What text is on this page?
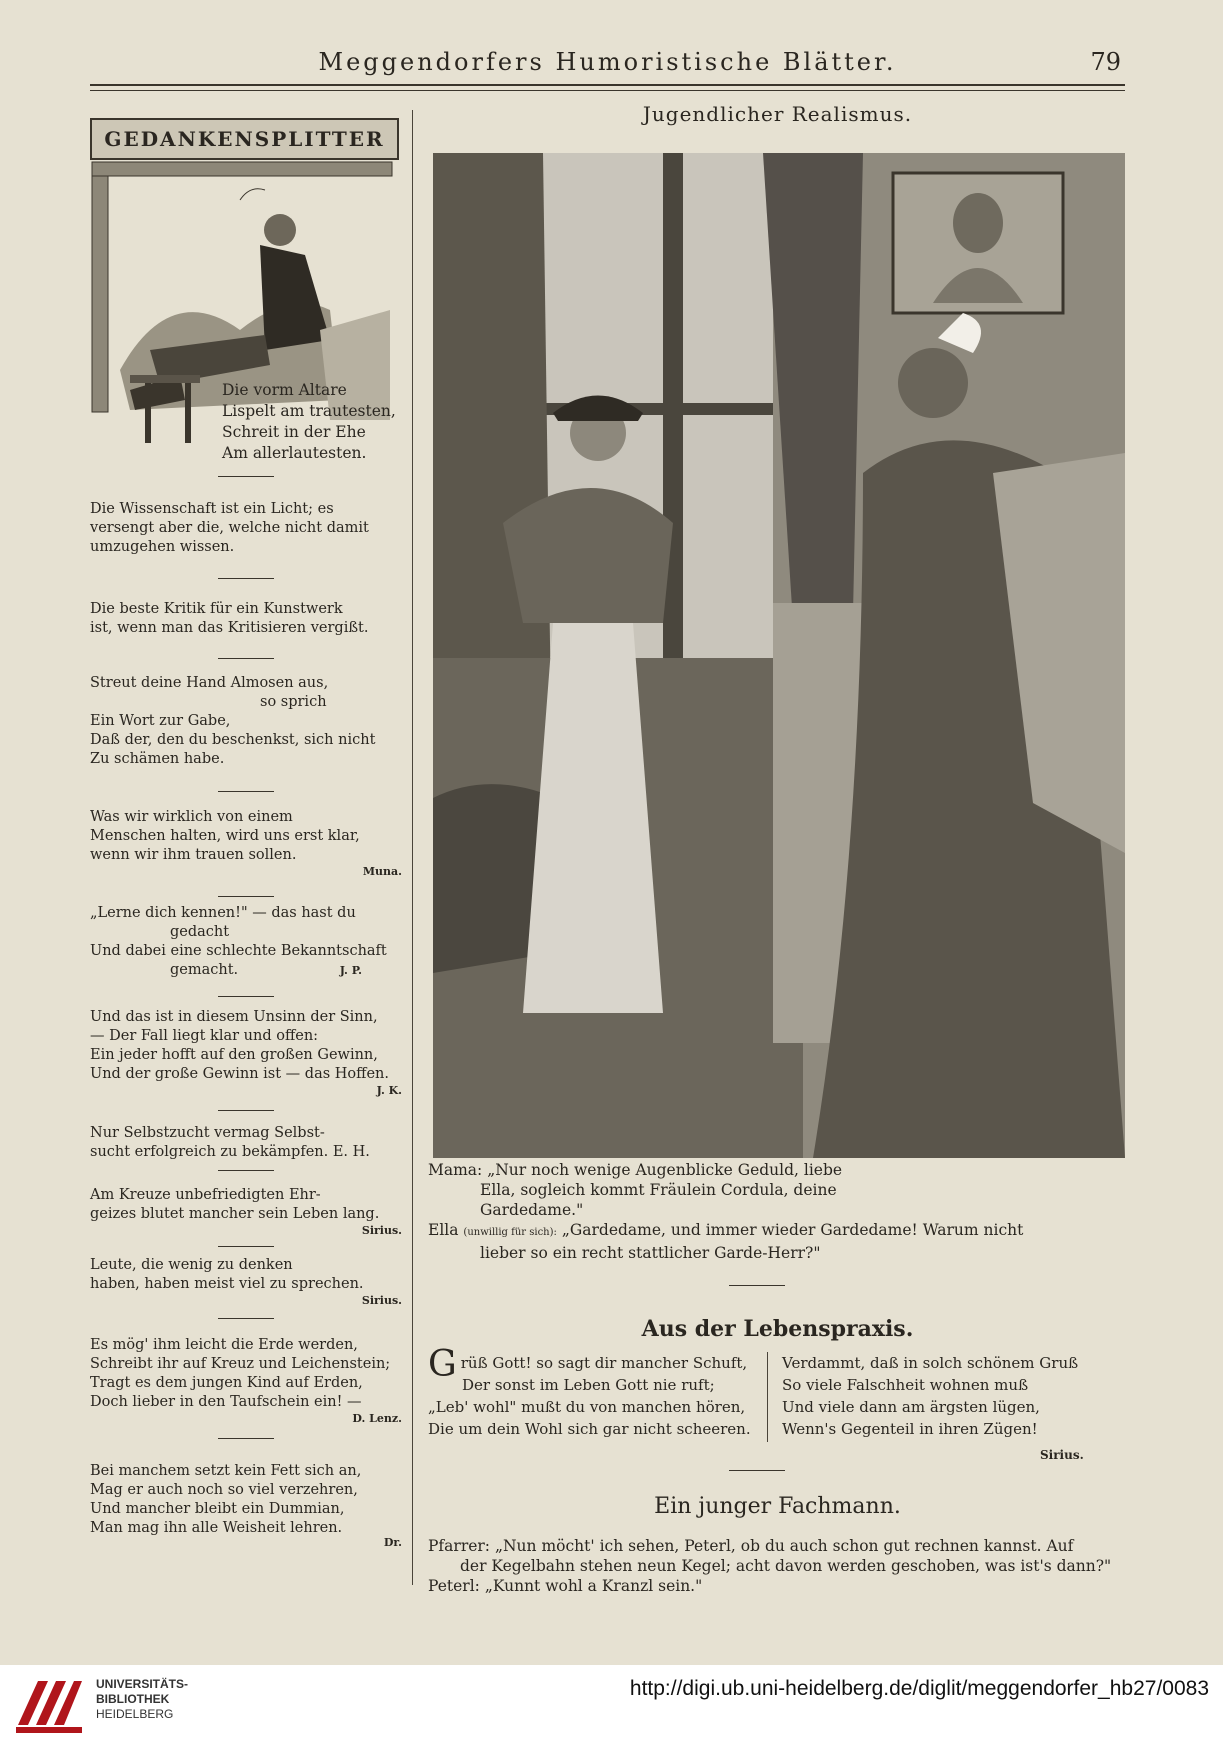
Meggendorfers Humoristische Blätter.	79
GEDANKENSPLITTER
Die vorm Altare
Lispelt am trautesten,
Schreit in der Ehe
Am allerlautesten.
Die Wissenschaft ist ein Licht; es
versengt aber die, welche nicht damit
umzugehen wissen.
Die beste Kritik für ein Kunstwerk
ist, wenn man das Kritisieren vergißt.
Streut deine Hand Almosen aus,
so sprich
Ein Wort zur Gabe,
Daß der, den du beschenkst, sich nicht
Zu schämen habe.
Was wir wirklich von einem
Menschen halten, wird uns erst klar,
wenn wir ihm trauen sollen.
Muna.
„Lerne dich kennen!" — das hast du
gedacht
Und dabei eine schlechte Bekanntschaft
gemacht.	J. P.
Und das ist in diesem Unsinn der Sinn,
— Der Fall liegt klar und offen:
Ein jeder hofft auf den großen Gewinn,
Und der große Gewinn ist — das Hoffen.
J. K.
Nur Selbstzucht vermag Selbst-
sucht erfolgreich zu bekämpfen. E. H.
Am Kreuze unbefriedigten Ehr-
geizes blutet mancher sein Leben lang.
Sirius.
Leute, die wenig zu denken
haben, haben meist viel zu sprechen.
Sirius.
Es mög' ihm leicht die Erde werden,
Schreibt ihr auf Kreuz und Leichenstein;
Tragt es dem jungen Kind auf Erden,
Doch lieber in den Taufschein ein! —
D. Lenz.
Bei manchem setzt kein Fett sich an,
Mag er auch noch so viel verzehren,
Und mancher bleibt ein Dummian,
Man mag ihn alle Weisheit lehren.
Dr.
Jugendlicher Realismus.
Mama: „Nur noch wenige Augenblicke Geduld, liebe
Ella, sogleich kommt Fräulein Cordula, deine
Gardedame."
Ella (unwillig für sich): „Gardedame, und immer wieder Gardedame! Warum nicht
lieber so ein recht stattlicher Garde-Herr?"
Aus der Lebenspraxis.
G rüß Gott! so sagt dir mancher Schuft,
Der sonst im Leben Gott nie ruft;
„Leb' wohl" mußt du von manchen hören,
Die um dein Wohl sich gar nicht scheeren.
Verdammt, daß in solch schönem Gruß
So viele Falschheit wohnen muß
Und viele dann am ärgsten lügen,
Wenn's Gegenteil in ihren Zügen!
Sirius.
Ein junger Fachmann.
Pfarrer: „Nun möcht' ich sehen, Peterl, ob du auch schon gut rechnen kannst. Auf
der Kegelbahn stehen neun Kegel; acht davon werden geschoben, was ist's dann?"
Peterl: „Kunnt wohl a Kranzl sein."
UNIVERSITÄTS-
BIBLIOTHEK
HEIDELBERG
http://digi.ub.uni-heidelberg.de/diglit/meggendorfer_hb27/0083
